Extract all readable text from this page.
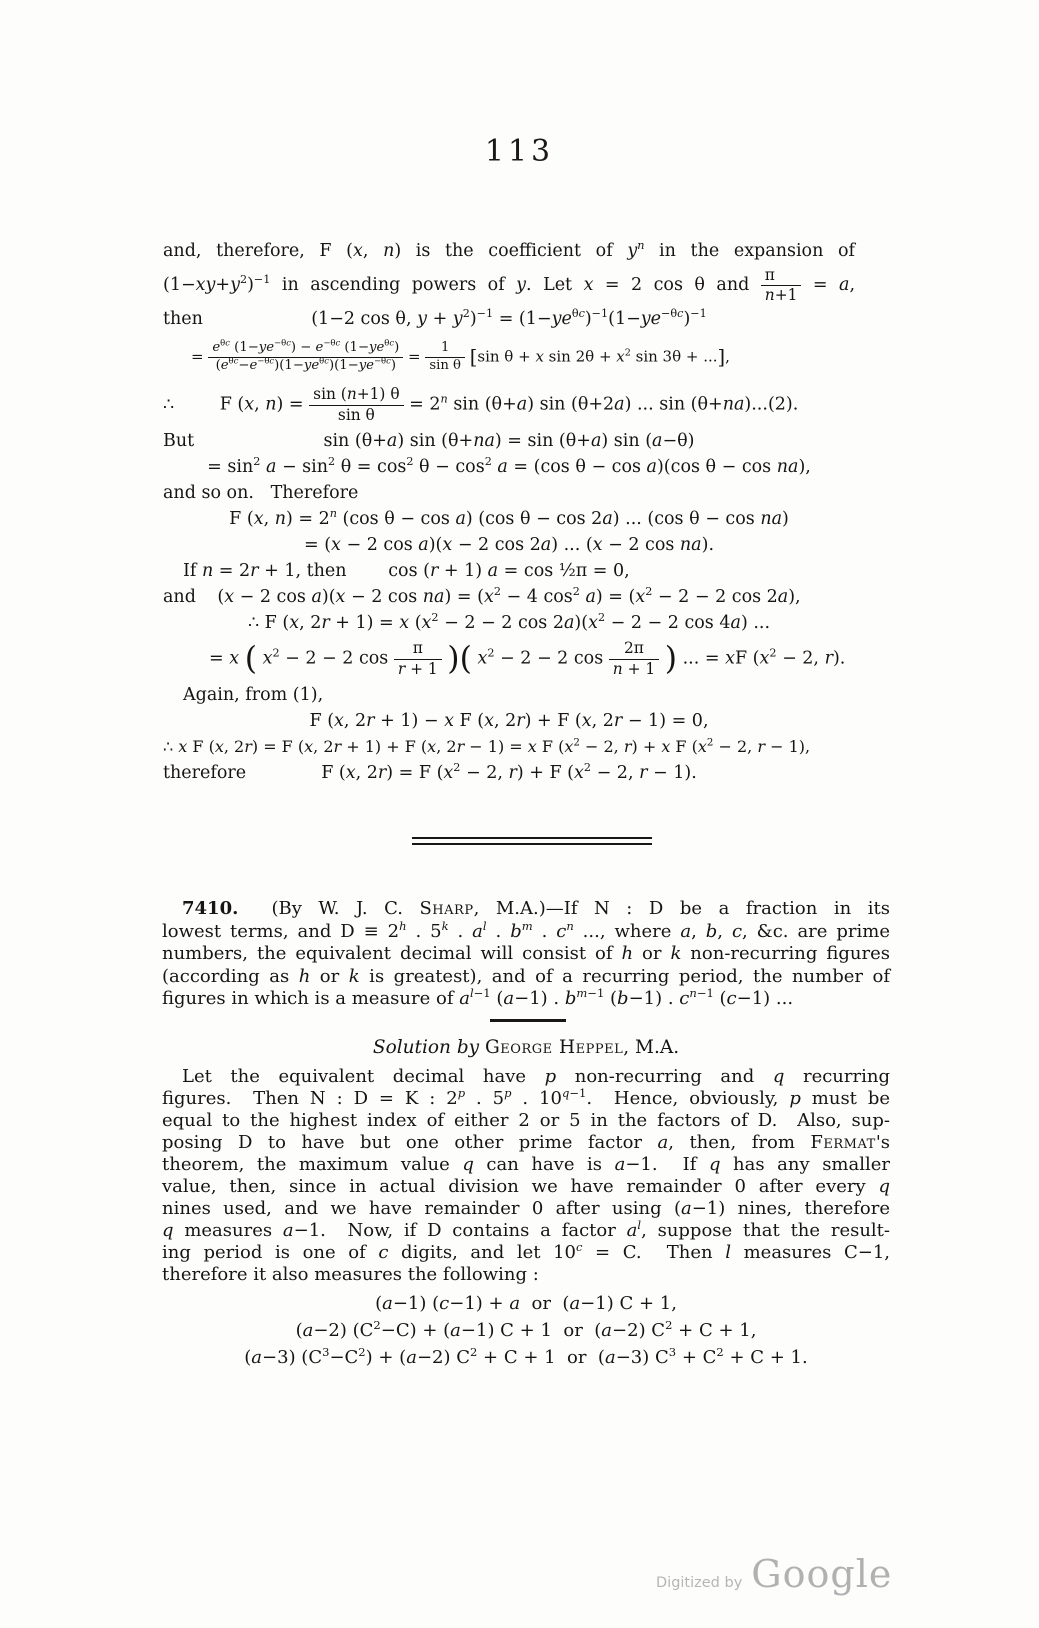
113
and, therefore, F (x, n) is the coefficient of $y^n$ in the expansion of
$(1-xy+y^2)^{-1}$ in ascending powers of y. Let x = 2 cos θ and $\frac{\pi}{n+1} = a$,
then	(1−2 cos θ, $y + y^2)^{-1} = (1-ye^{\theta c})^{-1}(1-ye^{-\theta c})^{-1}$
= $e^{\theta c}$ $(1-ye^{-\theta c}) - e^{-\theta c}$ $(1-ye^{\theta c})$
$(e^{\theta c}-e^{-\theta c})(1-ye^{\theta c})(1-ye^{-\theta c}) = \frac{1}{\text{sin θ}} [\sin$ θ + x $\sin 2\theta + x^2$ sin 3θ + ...],
∴	F (x, $n) = \frac{\sin (n+1) \theta}{\text{sin θ}} = 2^n$ sin (θ+a) sin (θ+2a) ... sin (θ+na)...(2).
But	sin (θ+a) sin (θ+na) = sin (θ+a) sin (a−θ)
= $\sin^2 a - \sin^2 \theta = \cos^2 \theta - \cos^2 a = (\cos$ θ − cos a)(cos θ − cos na),
and so on.   Therefore
F (x, $n) = 2^n$ (cos θ − cos a) (cos θ − cos 2a) ... (cos θ − cos na)
= (x − 2 cos a)(x − 2 cos 2a) ... (x − 2 cos na).
If n = 2r + 1, then cos (r + 1) a = cos ½π = 0,
and (x − 2 cos a)(x − 2 $\cos na) = (x^2 - 4$ $\cos^2 a) = (x^2 - 2 - 2$ cos 2a),
∴ F (x, 2r + 1) = x ($x^2 - 2 - 2$ $\cos 2a)(x^2 - 2 - 2$ cos 4a) ...
= x ( $x^2 - 2 - 2$ $\cos \frac{\pi}{r + 1}$ )( $x^2 - 2 - 2$ $\cos \frac{2\pi}{n + 1}$ ) ... = xF ($x^2 - 2$, r).
Again, from (1),
F (x, 2r + 1) − x F (x, 2r) + F (x, 2r − 1) = 0,
∴ x F (x, 2r) = F (x, 2r + 1) + F (x, 2r − 1) = x F ($x^2 - 2$, r) + x F ($x^2 - 2$, r − 1),
therefore	F (x, 2r) = F ($x^2 - 2$, r) + F ($x^2 - 2$, r − 1).
7410.  (By W. J. C. Sharp, M.A.)—If N : D be a fraction in its
lowest terms, and $D \equiv 2^h$ . 5$^k$ . $a^l$ . $b^m$ . $c^n$ ..., where a, b, c, &c. are prime
numbers, the equivalent decimal will consist of h or k non-recurring figures
(according as h or k is greatest), and of a recurring period, the number of
figures in which is a measure of $a^{l-1}$ (a−1) . $b^{m-1}$ (b−1) . $c^{n-1}$ (c−1) ...
Solution by George Heppel, M.A.
Let the equivalent decimal have p non-recurring and q recurring
figures.  Then N : D = K : 2$^p$ . 5$^p$ . $10^{q-1}$.  Hence, obviously, p must be
equal to the highest index of either 2 or 5 in the factors of D.  Also, sup-
posing D to have but one other prime factor a, then, from Fermat's
theorem, the maximum value q can have is a−1.  If q has any smaller
value, then, since in actual division we have remainder 0 after every q
nines used, and we have remainder 0 after using (a−1) nines, therefore
q measures a−1.  Now, if D contains a factor $a^l$, suppose that the result-
ing period is one of c digits, and let $10^c = C$.  Then l measures C−1,
therefore it also measures the following :
(a−1) (c−1) + a  or  (a−1) C + 1,
(a−2) $(C^2-C) + (a-1) C + 1$  or  (a−2) $C^2 + C + 1$,
(a−3) $(C^3-C^2) + (a-2) C^2 + C + 1$  or  (a−3) $C^3 + C^2 + C + 1$.
Digitized by Google
